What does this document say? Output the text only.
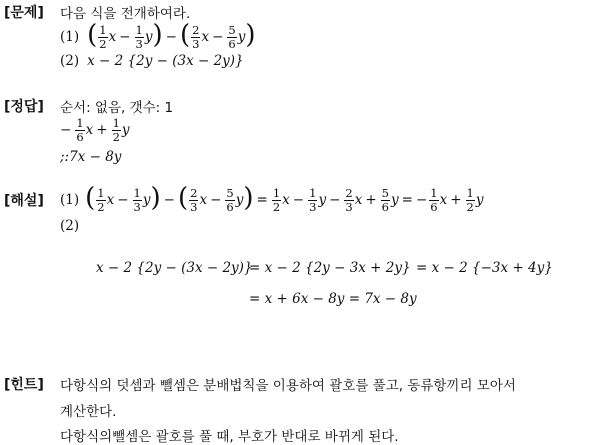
[문제]
[정답]
[해설]
[힌트]
다음 식을 전개하여라.
(1) ( $\frac{1}{2}$ $x - \frac{1}{3}$ y ) − ( $\frac{2}{3}$ $x - \frac{5}{6}$ y )
(2) x − 2 {2y − (3x − 2y)}
순서: 없음, 갯수: 1
− $\frac{1}{6}$ $x + \frac{1}{2}$ y
;:7x − 8y
(1) ( $\frac{1}{2}$ $x - \frac{1}{3}$ y ) − ( $\frac{2}{3}$ $x - \frac{5}{6}$ y ) = $\frac{1}{2}$ $x - \frac{1}{3}$ $y - \frac{2}{3}$ $x + \frac{5}{6}$ y = − $\frac{1}{6}$ $x + \frac{1}{2}$ y
(2)
x − 2 {2y − (3x − 2y)}
= x − 2 {2y − 3x + 2y} = x − 2 {−3x + 4y}
= x + 6x − 8y = 7x − 8y
다항식의 덧셈과 뺄셈은 분배법칙을 이용하여 괄호를 풀고, 동류항끼리 모아서
계산한다.
다항식의뺄셈은 괄호를 풀 때, 부호가 반대로 바뀌게 된다.
